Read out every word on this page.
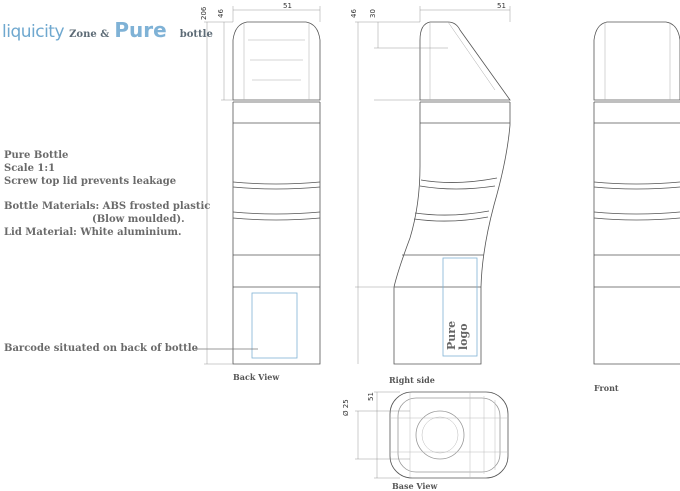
liquicity Zone & Pure bottle
Pure Bottle
Scale 1:1
Screw top lid prevents leakage
Bottle Materials: ABS frosted plastic
(Blow moulded).
Lid Material: White aluminium.
Barcode situated on back of bottle	Pure logo
Back View	Right side
Front
Base View
206 46
51
46 30
51
Ø 25
51
